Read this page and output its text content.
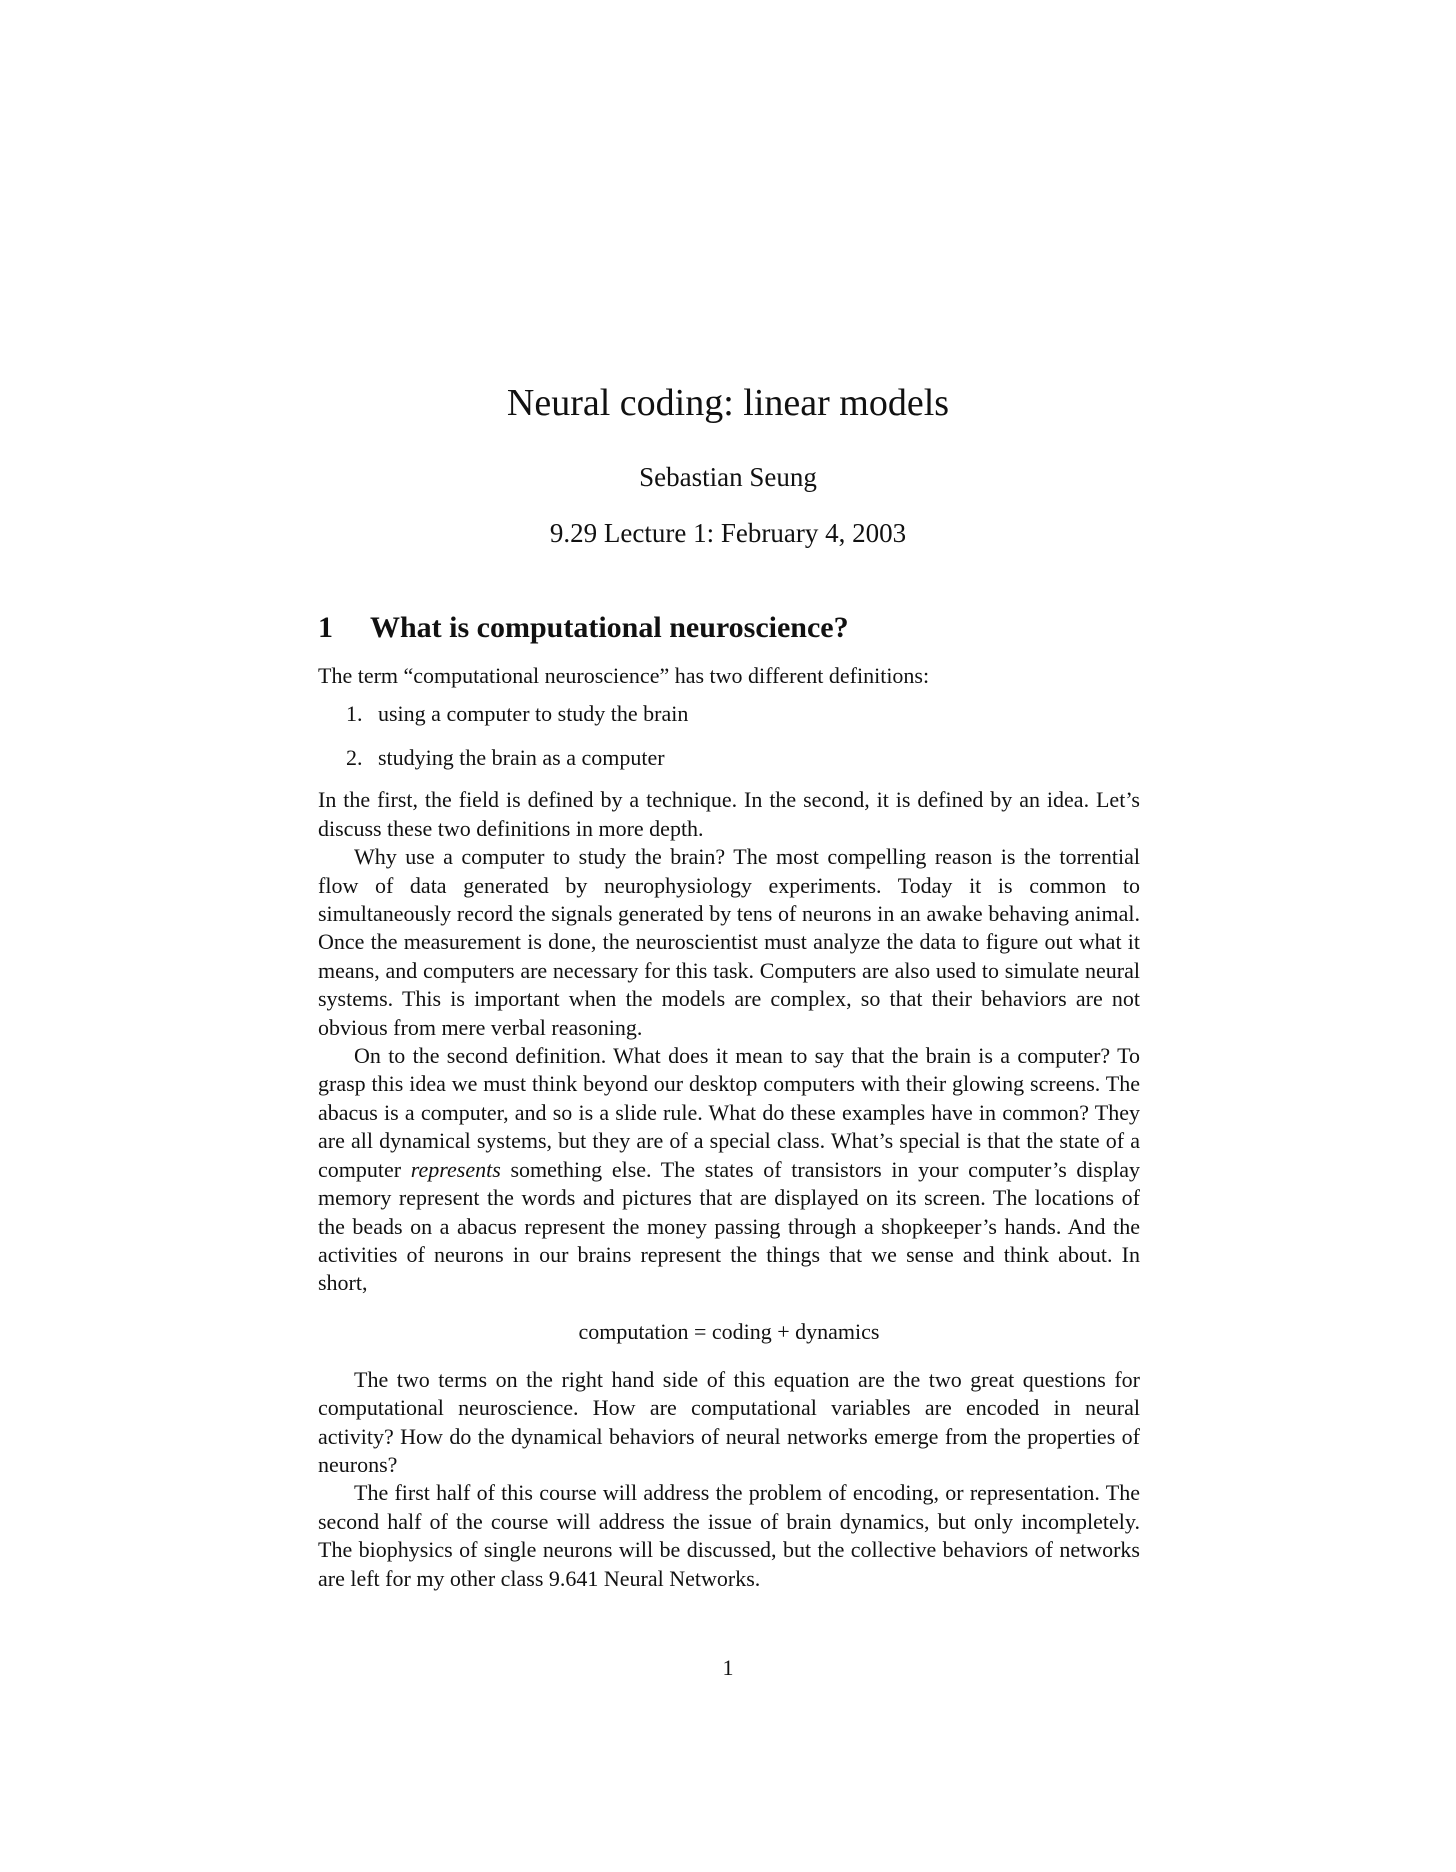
Neural coding: linear models
Sebastian Seung
9.29 Lecture 1: February 4, 2003
1 What is computational neuroscience?

The term “computational neuroscience” has two different definitions:

1. using a computer to study the brain
2. studying the brain as a computer

In the first, the field is defined by a technique. In the second, it is defined by an idea. Let’s discuss these two definitions in more depth.

Why use a computer to study the brain? The most compelling reason is the torrential flow of data generated by neurophysiology experiments. Today it is common to simultaneously record the signals generated by tens of neurons in an awake behaving animal. Once the measurement is done, the neuroscientist must analyze the data to figure out what it means, and computers are necessary for this task. Computers are also used to simulate neural systems. This is important when the models are complex, so that their behaviors are not obvious from mere verbal reasoning.

On to the second definition. What does it mean to say that the brain is a computer? To grasp this idea we must think beyond our desktop computers with their glowing screens. The abacus is a computer, and so is a slide rule. What do these examples have in common? They are all dynamical systems, but they are of a special class. What’s special is that the state of a computer represents something else. The states of transistors in your computer’s display memory represent the words and pictures that are displayed on its screen. The locations of the beads on a abacus represent the money passing through a shopkeeper’s hands. And the activities of neurons in our brains represent the things that we sense and think about. In short,

computation = coding + dynamics

The two terms on the right hand side of this equation are the two great questions for computational neuroscience. How are computational variables are encoded in neural activity? How do the dynamical behaviors of neural networks emerge from the properties of neurons?

The first half of this course will address the problem of encoding, or representation. The second half of the course will address the issue of brain dynamics, but only incompletely. The biophysics of single neurons will be discussed, but the collective behaviors of networks are left for my other class 9.641 Neural Networks.

1
